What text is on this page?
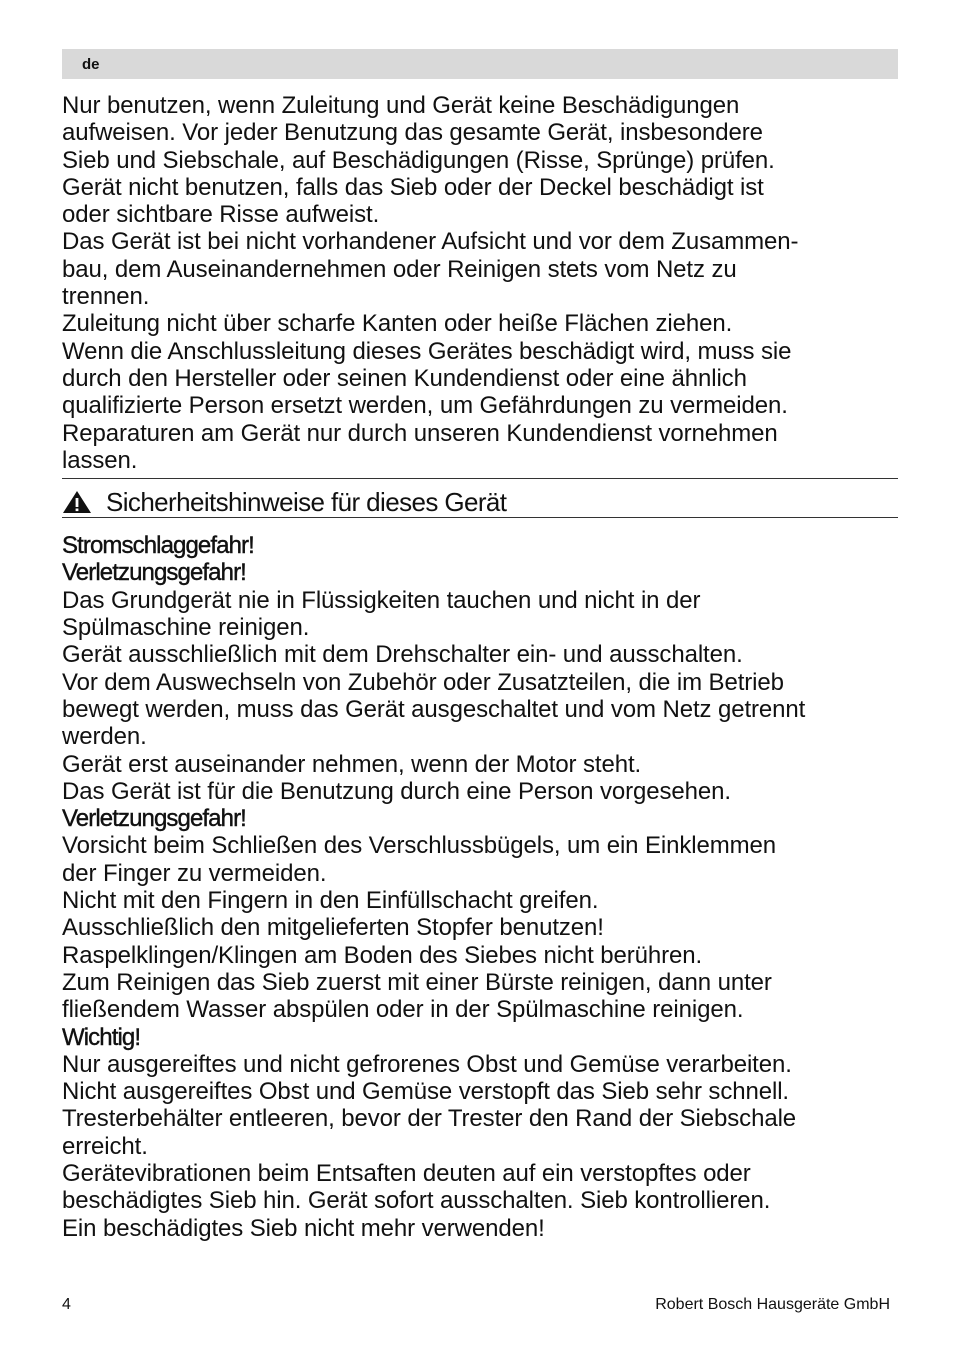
de

Nur benutzen, wenn Zuleitung und Gerät keine Beschädigungen

aufweisen. Vor jeder Benutzung das gesamte Gerät, insbesondere

Sieb und Siebschale, auf Beschädigungen (Risse, Sprünge) prüfen.

Gerät nicht benutzen, falls das Sieb oder der Deckel beschädigt ist

oder sichtbare Risse aufweist.

Das Gerät ist bei nicht vorhandener Aufsicht und vor dem Zusammen-

bau, dem Auseinandernehmen oder Reinigen stets vom Netz zu

trennen.

Zuleitung nicht über scharfe Kanten oder heiße Flächen ziehen.

Wenn die Anschlussleitung dieses Gerätes beschädigt wird, muss sie

durch den Hersteller oder seinen Kundendienst oder eine ähnlich

qualifizierte Person ersetzt werden, um Gefährdungen zu vermeiden.

Reparaturen am Gerät nur durch unseren Kundendienst vornehmen

lassen.

Sicherheitshinweise für dieses Gerät

Stromschlaggefahr!

Verletzungsgefahr!

Das Grundgerät nie in Flüssigkeiten tauchen und nicht in der

Spülmaschine reinigen.

Gerät ausschließlich mit dem Drehschalter ein- und ausschalten.

Vor dem Auswechseln von Zubehör oder Zusatzteilen, die im Betrieb

bewegt werden, muss das Gerät ausgeschaltet und vom Netz getrennt

werden.

Gerät erst auseinander nehmen, wenn der Motor steht.

Das Gerät ist für die Benutzung durch eine Person vorgesehen.

Verletzungsgefahr!

Vorsicht beim Schließen des Verschlussbügels, um ein Einklemmen

der Finger zu vermeiden.

Nicht mit den Fingern in den Einfüllschacht greifen.

Ausschließlich den mitgelieferten Stopfer benutzen!

Raspelklingen/Klingen am Boden des Siebes nicht berühren.

Zum Reinigen das Sieb zuerst mit einer Bürste reinigen, dann unter

fließendem Wasser abspülen oder in der Spülmaschine reinigen.

Wichtig!

Nur ausgereiftes und nicht gefrorenes Obst und Gemüse verarbeiten.

Nicht ausgereiftes Obst und Gemüse verstopft das Sieb sehr schnell.

Tresterbehälter entleeren, bevor der Trester den Rand der Siebschale

erreicht.

Gerätevibrationen beim Entsaften deuten auf ein verstopftes oder

beschädigtes Sieb hin. Gerät sofort ausschalten. Sieb kontrollieren.

Ein beschädigtes Sieb nicht mehr verwenden!

4	Robert Bosch Hausgeräte GmbH
